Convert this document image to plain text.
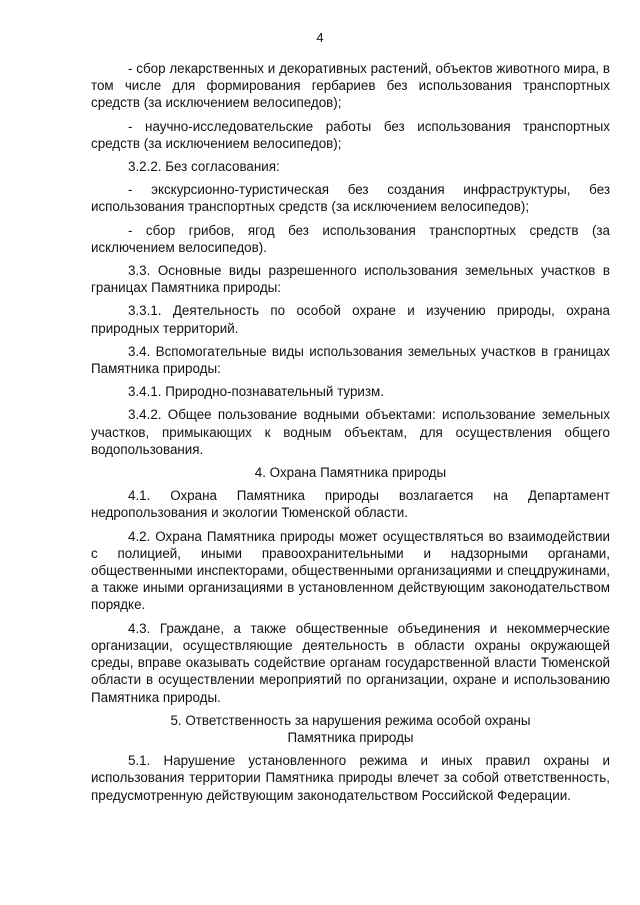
4

- сбор лекарственных и декоративных растений, объектов животного мира, в том числе для формирования гербариев без использования транспортных средств (за исключением велосипедов);

- научно-исследовательские работы без использования транспортных средств (за исключением велосипедов);

3.2.2. Без согласования:

- экскурсионно-туристическая без создания инфраструктуры, без использования транспортных средств (за исключением велосипедов);

- сбор грибов, ягод без использования транспортных средств (за исключением велосипедов).

3.3. Основные виды разрешенного использования земельных участков в границах Памятника природы:

3.3.1. Деятельность по особой охране и изучению природы, охрана природных территорий.

3.4. Вспомогательные виды использования земельных участков в границах Памятника природы:

3.4.1. Природно-познавательный туризм.

3.4.2. Общее пользование водными объектами: использование земельных участков, примыкающих к водным объектам, для осуществления общего водопользования.

4. Охрана Памятника природы

4.1. Охрана Памятника природы возлагается на Департамент недропользования и экологии Тюменской области.

4.2. Охрана Памятника природы может осуществляться во взаимодействии с полицией, иными правоохранительными и надзорными органами, общественными инспекторами, общественными организациями и спецдружинами, а также иными организациями в установленном действующим законодательством порядке.

4.3. Граждане, а также общественные объединения и некоммерческие организации, осуществляющие деятельность в области охраны окружающей среды, вправе оказывать содействие органам государственной власти Тюменской области в осуществлении мероприятий по организации, охране и использованию Памятника природы.

5. Ответственность за нарушения режима особой охраны
Памятника природы

5.1. Нарушение установленного режима и иных правил охраны и использования территории Памятника природы влечет за собой ответственность, предусмотренную действующим законодательством Российской Федерации.
